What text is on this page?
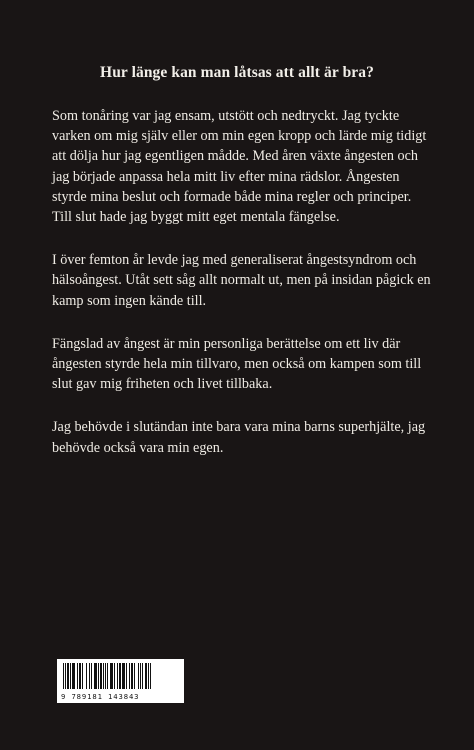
Hur länge kan man låtsas att allt är bra?

Som tonåring var jag ensam, utstött och nedtryckt. Jag tyckte varken om mig själv eller om min egen kropp och lärde mig tidigt att dölja hur jag egentligen mådde. Med åren växte ångesten och jag började anpassa hela mitt liv efter mina rädslor. Ångesten styrde mina beslut och formade både mina regler och principer. Till slut hade jag byggt mitt eget mentala fängelse.

I över femton år levde jag med generaliserat ångestsyndrom och hälsoångest. Utåt sett såg allt normalt ut, men på insidan pågick en kamp som ingen kände till.

Fängslad av ångest är min personliga berättelse om ett liv där ångesten styrde hela min tillvaro, men också om kampen som till slut gav mig friheten och livet tillbaka.

Jag behövde i slutändan inte bara vara mina barns superhjälte, jag behövde också vara min egen.

9 789181 143843
